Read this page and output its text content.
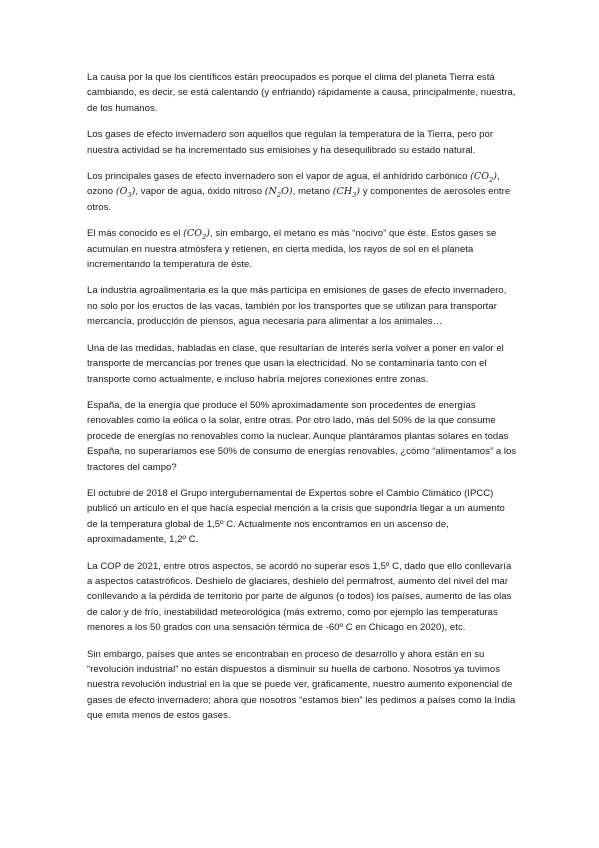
La causa por la que los científicos están preocupados es porque el clima del planeta Tierra está cambiando, es decir, se está calentando (y enfriando) rápidamente a causa, principalmente, nuestra, de los humanos.

Los gases de efecto invernadero son aquellos que regulan la temperatura de la Tierra, pero por nuestra actividad se ha incrementado sus emisiones y ha desequilibrado su estado natural.

Los principales gases de efecto invernadero son el vapor de agua, el anhídrido carbónico $(CO_2)$, ozono $(O_3)$, vapor de agua, óxido nitroso $(N_2O)$, metano $(CH_3)$ y componentes de aerosoles entre otros.

El más conocido es el $(CO_2)$, sin embargo, el metano es más “nocivo” que éste. Estos gases se acumulan en nuestra atmósfera y retienen, en cierta medida, los rayos de sol en el planeta incrementando la temperatura de éste.

La industria agroalimentaria es la que más participa en emisiones de gases de efecto invernadero, no solo por los eructos de las vacas, también por los transportes que se utilizan para transportar mercancía, producción de piensos, agua necesaria para alimentar a los animales…

Una de las medidas, habladas en clase, que resultarían de interés sería volver a poner en valor el transporte de mercancías por trenes que usan la electricidad. No se contaminaría tanto con el transporte como actualmente, e incluso habría mejores conexiones entre zonas.

España, de la energía que produce el 50% aproximadamente son procedentes de energías renovables como la eólica o la solar, entre otras. Por otro lado, más del 50% de la que consume procede de energías no renovables como la nuclear. Aunque plantáramos plantas solares en todas España, no superaríamos ese 50% de consumo de energías renovables, ¿cómo “alimentamos” a los tractores del campo?

El octubre de 2018 el Grupo intergubernamental de Expertos sobre el Cambio Climático (IPCC) publicó un artículo en el que hacía especial mención a la crisis que supondría llegar a un aumento de la temperatura global de 1,5º C. Actualmente nos encontramos en un ascenso de, aproximadamente, 1,2º C.

La COP de 2021, entre otros aspectos, se acordó no superar esos 1,5º C, dado que ello conllevaría a aspectos catastróficos. Deshielo de glaciares, deshielo del permafrost, aumento del nivel del mar conllevando a la pérdida de territorio por parte de algunos (o todos) los países, aumento de las olas de calor y de frío, inestabilidad meteorológica (más extremo, como por ejemplo las temperaturas menores a los 50 grados con una sensación térmica de -60º C en Chicago en 2020), etc.

Sin embargo, países que antes se encontraban en proceso de desarrollo y ahora están en su “revolución industrial” no están dispuestos a disminuir su huella de carbono. Nosotros ya tuvimos nuestra revolución industrial en la que se puede ver, gráficamente, nuestro aumento exponencial de gases de efecto invernadero; ahora que nosotros “estamos bien” les pedimos a países como la India que emita menos de estos gases.
